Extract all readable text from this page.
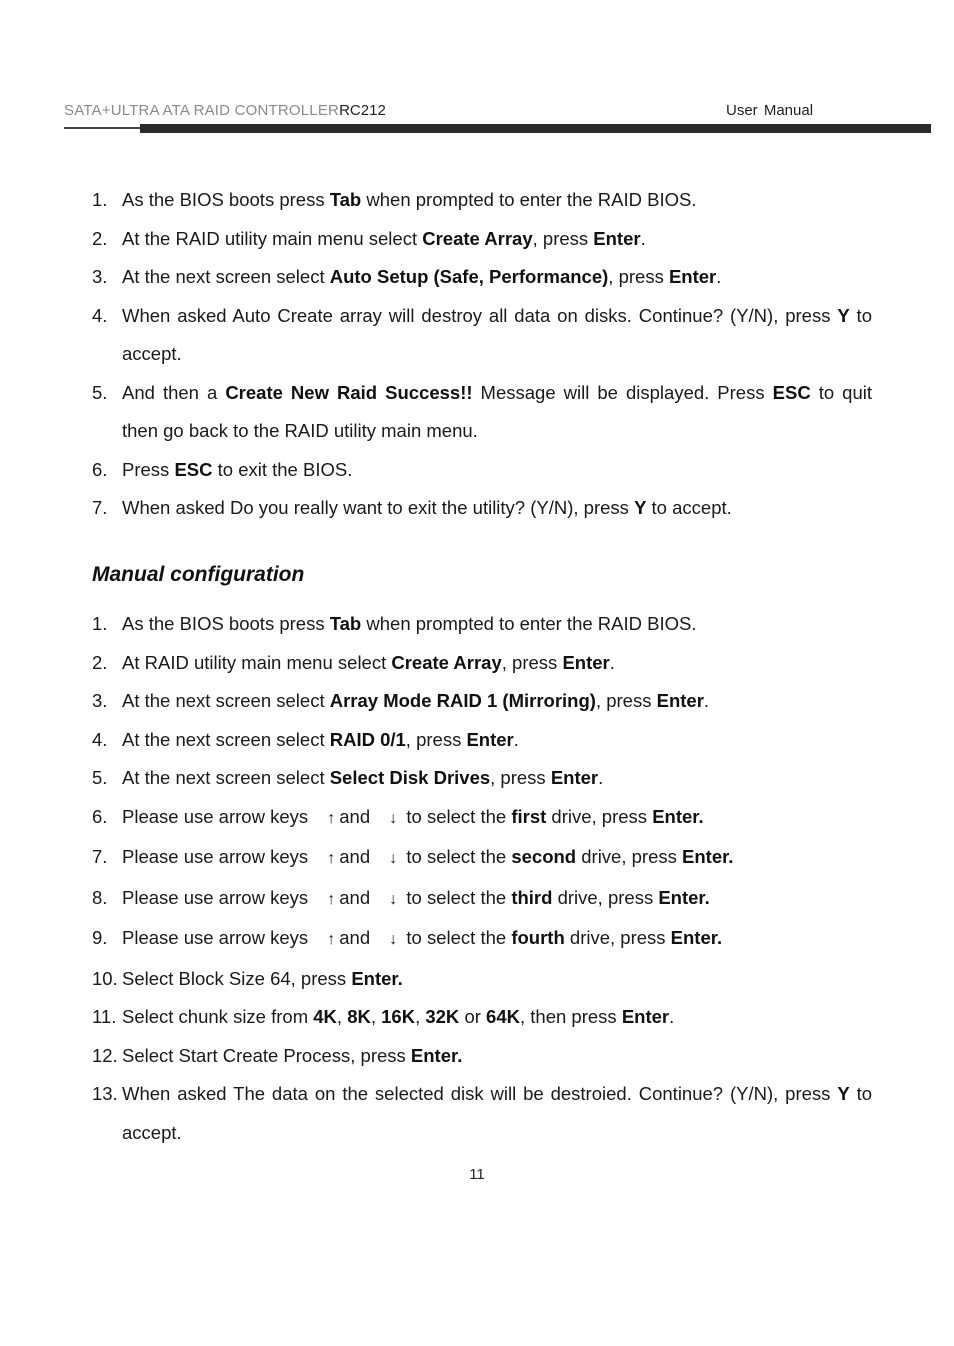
SATA+ULTRA ATA RAID CONTROLLERRC212	User Manual
1. As the BIOS boots press Tab when prompted to enter the RAID BIOS.
2. At the RAID utility main menu select Create Array, press Enter.
3. At the next screen select Auto Setup (Safe, Performance), press Enter.
4. When asked Auto Create array will destroy all data on disks. Continue? (Y/N), press Y to accept.
5. And then a Create New Raid Success!! Message will be displayed. Press ESC to quit then go back to the RAID utility main menu.
6. Press ESC to exit the BIOS.
7. When asked Do you really want to exit the utility? (Y/N), press Y to accept.
Manual configuration
1. As the BIOS boots press Tab when prompted to enter the RAID BIOS.
2. At RAID utility main menu select Create Array, press Enter.
3. At the next screen select Array Mode RAID 1 (Mirroring), press Enter.
4. At the next screen select RAID 0/1, press Enter.
5. At the next screen select Select Disk Drives, press Enter.
6. Please use arrow keys ↑ and ↓ to select the first drive, press Enter.
7. Please use arrow keys ↑ and ↓ to select the second drive, press Enter.
8. Please use arrow keys ↑ and ↓ to select the third drive, press Enter.
9. Please use arrow keys ↑ and ↓ to select the fourth drive, press Enter.
10. Select Block Size 64, press Enter.
11. Select chunk size from 4K, 8K, 16K, 32K or 64K, then press Enter.
12. Select Start Create Process, press Enter.
13. When asked The data on the selected disk will be destroied. Continue? (Y/N), press Y to accept.
11
